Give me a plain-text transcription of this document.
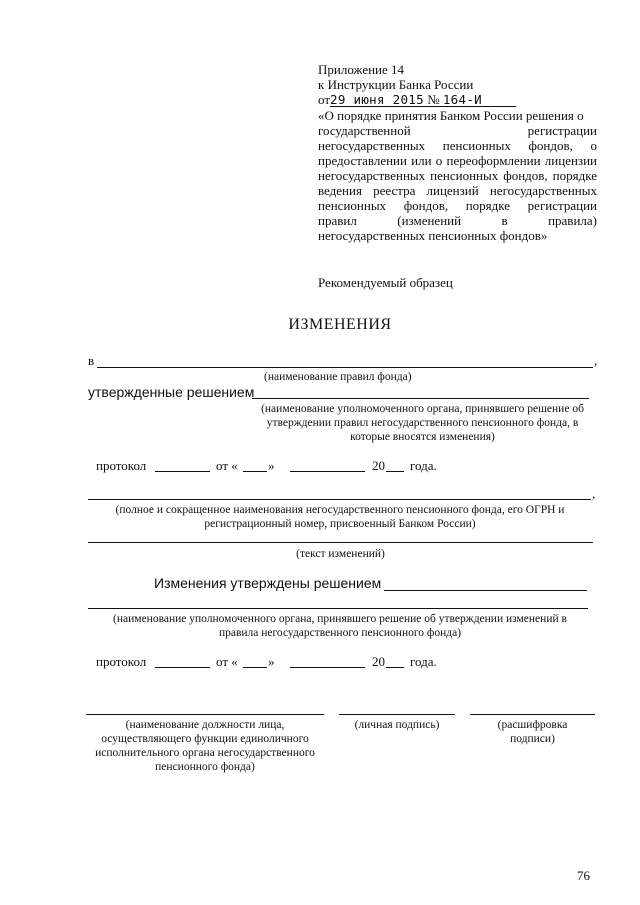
Приложение 14
к Инструкции Банка России
от29 июня 2015 № 164-И
«О порядке принятия Банком России решения о
государственной регистрации
негосударственных пенсионных фондов, о
предоставлении или о переоформлении лицензии
негосударственных пенсионных фондов, порядке
ведения реестра лицензий негосударственных
пенсионных фондов, порядке регистрации
правил (изменений в правила)
негосударственных пенсионных фондов»
Рекомендуемый образец
ИЗМЕНЕНИЯ
в	,
(наименование правил фонда)
утвержденные решением
(наименование уполномоченного органа, принявшего решение об
утверждении правил негосударственного пенсионного фонда, в
которые вносятся изменения)
протокол	от « »	20 года.
,
(полное и сокращенное наименования негосударственного пенсионного фонда, его ОГРН и
регистрационный номер, присвоенный Банком России)
(текст изменений)
Изменения утверждены решением
(наименование уполномоченного органа, принявшего решение об утверждении изменений в
правила негосударственного пенсионного фонда)
протокол	от « »	20 года.
(наименование должности лица,
осуществляющего функции единоличного
исполнительного органа негосударственного
пенсионного фонда)
(личная подпись)	(расшифровка
подписи)
76
